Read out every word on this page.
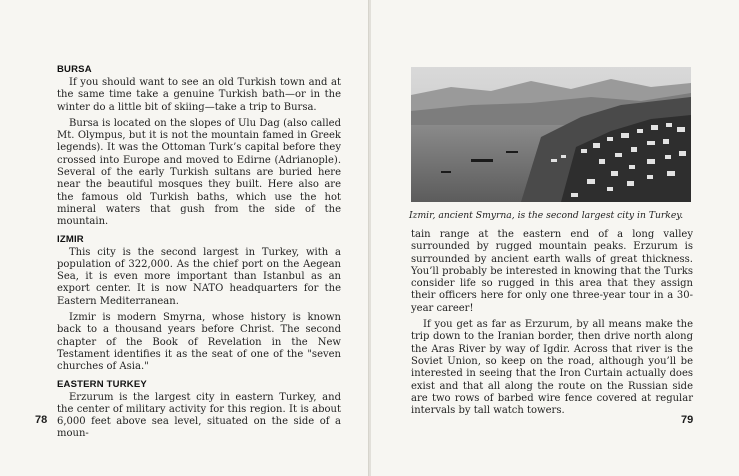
BURSA

If you should want to see an old Turkish town and at the same time take a genuine Turkish bath—or in the winter do a little bit of skiing—take a trip to Bursa.

Bursa is located on the slopes of Ulu Dag (also called Mt. Olympus, but it is not the mountain famed in Greek legends). It was the Ottoman Turk’s capital before they crossed into Europe and moved to Edirne (Adrianople). Several of the early Turkish sultans are buried here near the beautiful mosques they built. Here also are the famous old Turkish baths, which use the hot mineral waters that gush from the side of the mountain.

IZMIR

This city is the second largest in Turkey, with a population of 322,000. As the chief port on the Aegean Sea, it is even more important than Istanbul as an export center. It is now NATO headquarters for the Eastern Mediterranean.

Izmir is modern Smyrna, whose history is known back to a thousand years before Christ. The second chapter of the Book of Revelation in the New Testament identifies it as the seat of one of the "seven churches of Asia."

EASTERN TURKEY

Erzurum is the largest city in eastern Turkey, and the center of military activity for this region. It is about 6,000 feet above sea level, situated on the side of a moun-

78
Izmir, ancient Smyrna, is the second largest city in Turkey.

tain range at the eastern end of a long valley surrounded by rugged mountain peaks. Erzurum is surrounded by ancient earth walls of great thickness. You’ll probably be interested in knowing that the Turks consider life so rugged in this area that they assign their officers here for only one three-year tour in a 30-year career!

If you get as far as Erzurum, by all means make the trip down to the Iranian border, then drive north along the Aras River by way of Igdir. Across that river is the Soviet Union, so keep on the road, although you’ll be interested in seeing that the Iron Curtain actually does exist and that all along the route on the Russian side are two rows of barbed wire fence covered at regular intervals by tall watch towers.

79
